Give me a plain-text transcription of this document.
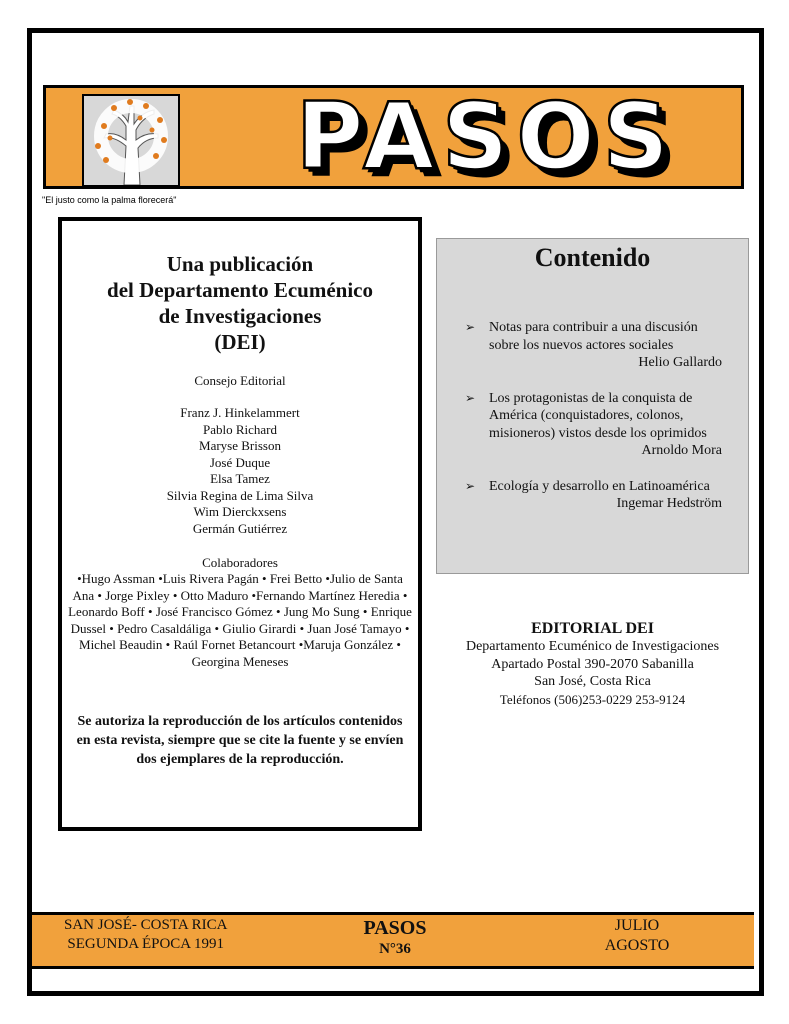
PASOS
"El justo como la palma florecerá"
Una publicación
del Departamento Ecuménico
de Investigaciones
(DEI)
Consejo Editorial
Franz J. Hinkelammert
Pablo Richard
Maryse Brisson
José Duque
Elsa Tamez
Silvia Regina de Lima Silva
Wim Dierckxsens
Germán Gutiérrez
Colaboradores
•Hugo Assman •Luis Rivera Pagán • Frei Betto •Julio de Santa Ana • Jorge Pixley • Otto Maduro •Fernando Martínez Heredia • Leonardo Boff • José Francisco Gómez • Jung Mo Sung • Enrique Dussel • Pedro Casaldáliga • Giulio Girardi • Juan José Tamayo • Michel Beaudin • Raúl Fornet Betancourt •Maruja González • Georgina Meneses
Se autoriza la reproducción de los artículos contenidos en esta revista, siempre que se cite la fuente y se envíen dos ejemplares de la reproducción.
Contenido
➢ Notas para contribuir a una discusión sobre los nuevos actores sociales
Helio Gallardo
➢ Los protagonistas de la conquista de América (conquistadores, colonos, misioneros) vistos desde los oprimidos
Arnoldo Mora
➢ Ecología y desarrollo en Latinoamérica
Ingemar Hedström
EDITORIAL DEI
Departamento Ecuménico de Investigaciones
Apartado Postal 390-2070 Sabanilla
San José, Costa Rica
Teléfonos (506)253-0229 253-9124
SAN JOSÉ- COSTA RICA
SEGUNDA ÉPOCA 1991
PASOS
N°36
JULIO
AGOSTO
